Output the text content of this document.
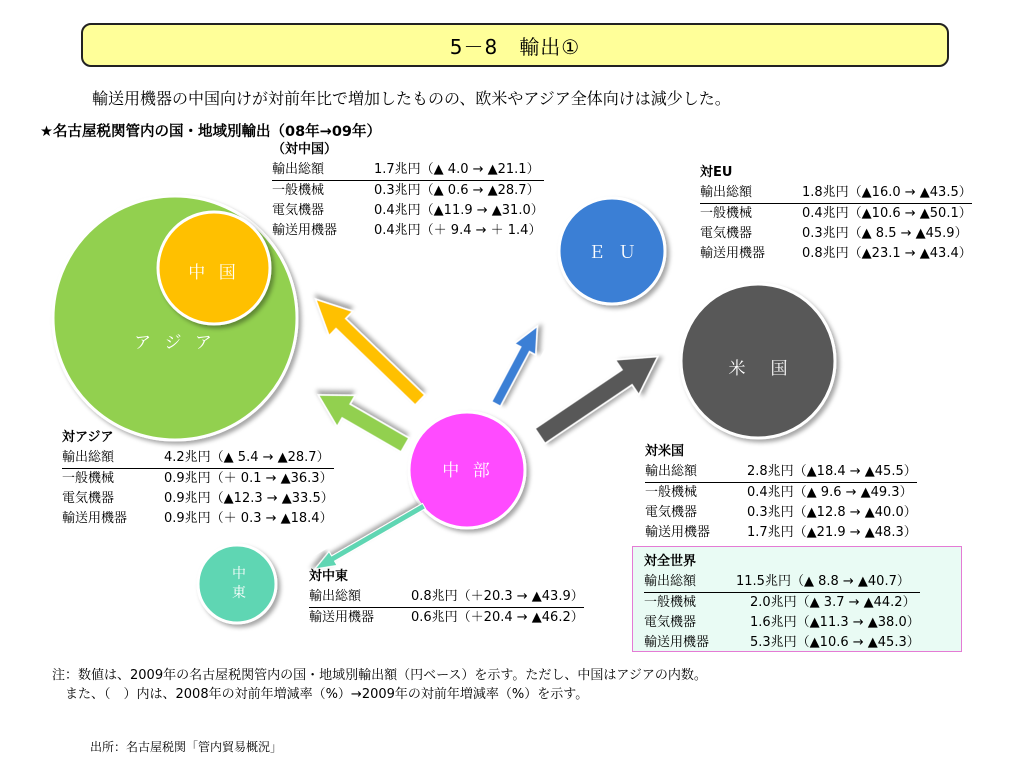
5－8　輸出①
輸送用機器の中国向けが対前年比で増加したものの、欧米やアジア全体向けは減少した。
★名古屋税関管内の国・地域別輸出（08年→09年）
ア ジ ア
中 国
Ｅ Ｕ
米　国
中 部
中
東
（対中国）
輸出総額	1.7兆円（▲ 4.0 → ▲21.1）
一般機械	0.3兆円（▲ 0.6 → ▲28.7）
電気機器	0.4兆円（▲11.9 → ▲31.0）
輸送用機器	0.4兆円（＋ 9.4 → ＋ 1.4）
対EU
輸出総額	1.8兆円（▲16.0 → ▲43.5）
一般機械	0.4兆円（▲10.6 → ▲50.1）
電気機器	0.3兆円（▲ 8.5 → ▲45.9）
輸送用機器	0.8兆円（▲23.1 → ▲43.4）
対アジア
輸出総額	4.2兆円（▲ 5.4 → ▲28.7）
一般機械	0.9兆円（＋ 0.1 → ▲36.3）
電気機器	0.9兆円（▲12.3 → ▲33.5）
輸送用機器	0.9兆円（＋ 0.3 → ▲18.4）
対米国
輸出総額	2.8兆円（▲18.4 → ▲45.5）
一般機械	0.4兆円（▲ 9.6 → ▲49.3）
電気機器	0.3兆円（▲12.8 → ▲40.0）
輸送用機器	1.7兆円（▲21.9 → ▲48.3）
対中東
輸出総額	0.8兆円（＋20.3 → ▲43.9）
輸送用機器	0.6兆円（＋20.4 → ▲46.2）
対全世界
輸出総額	11.5兆円（▲ 8.8 → ▲40.7）
一般機械	2.0兆円（▲ 3.7 → ▲44.2）
電気機器	1.6兆円（▲11.3 → ▲38.0）
輸送用機器	5.3兆円（▲10.6 → ▲45.3）
注：数値は、2009年の名古屋税関管内の国・地域別輸出額（円ベース）を示す。ただし、中国はアジアの内数。
　また、（　）内は、2008年の対前年増減率（%）→2009年の対前年増減率（%）を示す。
出所：名古屋税関「管内貿易概況」
